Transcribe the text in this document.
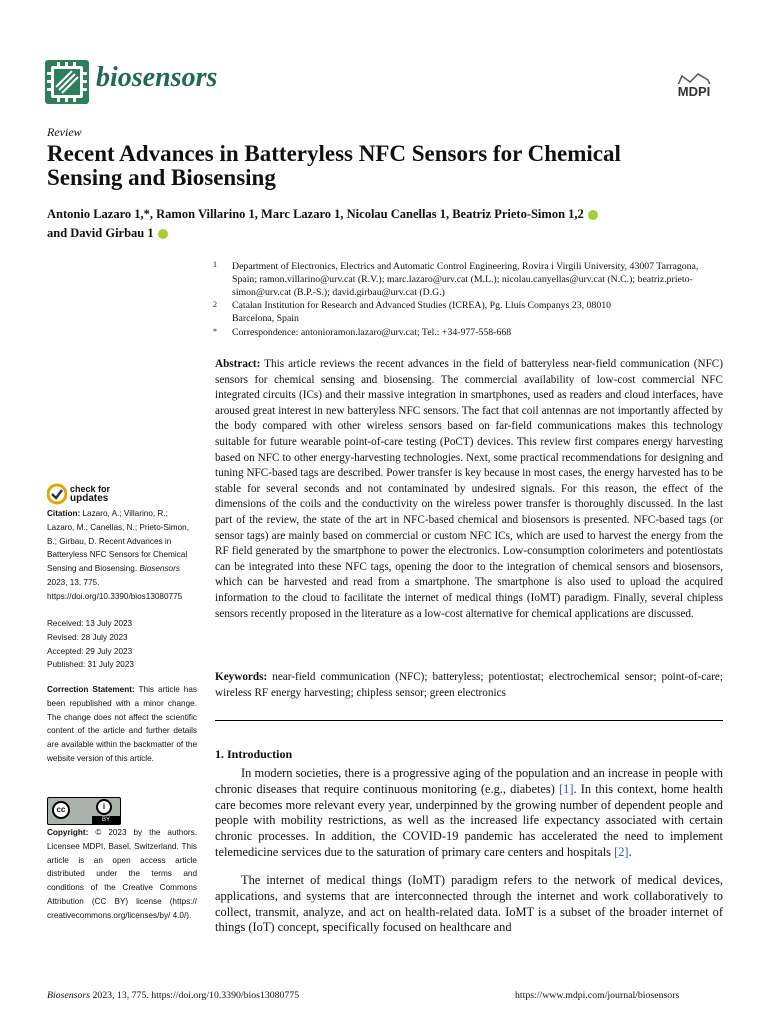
biosensors	MDPI
Review
Recent Advances in Batteryless NFC Sensors for Chemical Sensing and Biosensing
Antonio Lazaro 1,*, Ramon Villarino 1, Marc Lazaro 1, Nicolau Canellas 1, Beatriz Prieto-Simon 1,2
and David Girbau 1
1 Department of Electronics, Electrics and Automatic Control Engineering, Rovira i Virgili University, 43007 Tarragona, Spain; ramon.villarino@urv.cat (R.V.); marc.lazaro@urv.cat (M.L.); nicolau.canyellas@urv.cat (N.C.); beatriz.prieto-simon@urv.cat (B.P.-S.); david.girbau@urv.cat (D.G.)
2 Catalan Institution for Research and Advanced Studies (ICREA), Pg. Lluís Companys 23, 08010 Barcelona, Spain
* Correspondence: antonioramon.lazaro@urv.cat; Tel.: +34-977-558-668
Abstract: This article reviews the recent advances in the field of batteryless near-field communication (NFC) sensors for chemical sensing and biosensing. The commercial availability of low-cost commercial NFC integrated circuits (ICs) and their massive integration in smartphones, used as readers and cloud interfaces, have aroused great interest in new batteryless NFC sensors. The fact that coil antennas are not importantly affected by the body compared with other wireless sensors based on far-field communications makes this technology suitable for future wearable point-of-care testing (PoCT) devices. This review first compares energy harvesting based on NFC to other energy-harvesting technologies. Next, some practical recommendations for designing and tuning NFC-based tags are described. Power transfer is key because in most cases, the energy harvested has to be stable for several seconds and not contaminated by undesired signals. For this reason, the effect of the dimensions of the coils and the conductivity on the wireless power transfer is thoroughly discussed. In the last part of the review, the state of the art in NFC-based chemical and biosensors is presented. NFC-based tags (or sensor tags) are mainly based on commercial or custom NFC ICs, which are used to harvest the energy from the RF field generated by the smartphone to power the electronics. Low-consumption colorimeters and potentiostats can be integrated into these NFC tags, opening the door to the integration of chemical sensors and biosensors, which can be harvested and read from a smartphone. The smartphone is also used to upload the acquired information to the cloud to facilitate the internet of medical things (IoMT) paradigm. Finally, several chipless sensors recently proposed in the literature as a low-cost alternative for chemical applications are discussed.
Keywords: near-field communication (NFC); batteryless; potentiostat; electrochemical sensor; point-of-care; wireless RF energy harvesting; chipless sensor; green electronics
check for
updates
Citation: Lazaro, A.; Villarino, R.; Lazaro, M.; Canellas, N.; Prieto-Simon, B.; Girbau, D. Recent Advances in Batteryless NFC Sensors for Chemical Sensing and Biosensing. Biosensors 2023, 13, 775. https://doi.org/10.3390/bios13080775
Received: 13 July 2023
Revised: 28 July 2023
Accepted: 29 July 2023
Published: 31 July 2023
Correction Statement: This article has been republished with a minor change. The change does not affect the scientific content of the article and further details are available within the backmatter of the website version of this article.
cc	i
BY
Copyright: © 2023 by the authors. Licensee MDPI, Basel, Switzerland. This article is an open access article distributed under the terms and conditions of the Creative Commons Attribution (CC BY) license (https:// creativecommons.org/licenses/by/ 4.0/).
1. Introduction
In modern societies, there is a progressive aging of the population and an increase in people with chronic diseases that require continuous monitoring (e.g., diabetes) [1]. In this context, home health care becomes more relevant every year, underpinned by the growing number of dependent people and people with mobility restrictions, as well as the increased life expectancy associated with certain chronic processes. In addition, the COVID-19 pandemic has accelerated the need to implement telemedicine services due to the saturation of primary care centers and hospitals [2].
The internet of medical things (IoMT) paradigm refers to the network of medical devices, applications, and systems that are interconnected through the internet and work collaboratively to collect, transmit, analyze, and act on health-related data. IoMT is a subset of the broader internet of things (IoT) concept, specifically focused on healthcare and
Biosensors 2023, 13, 775. https://doi.org/10.3390/bios13080775	https://www.mdpi.com/journal/biosensors
